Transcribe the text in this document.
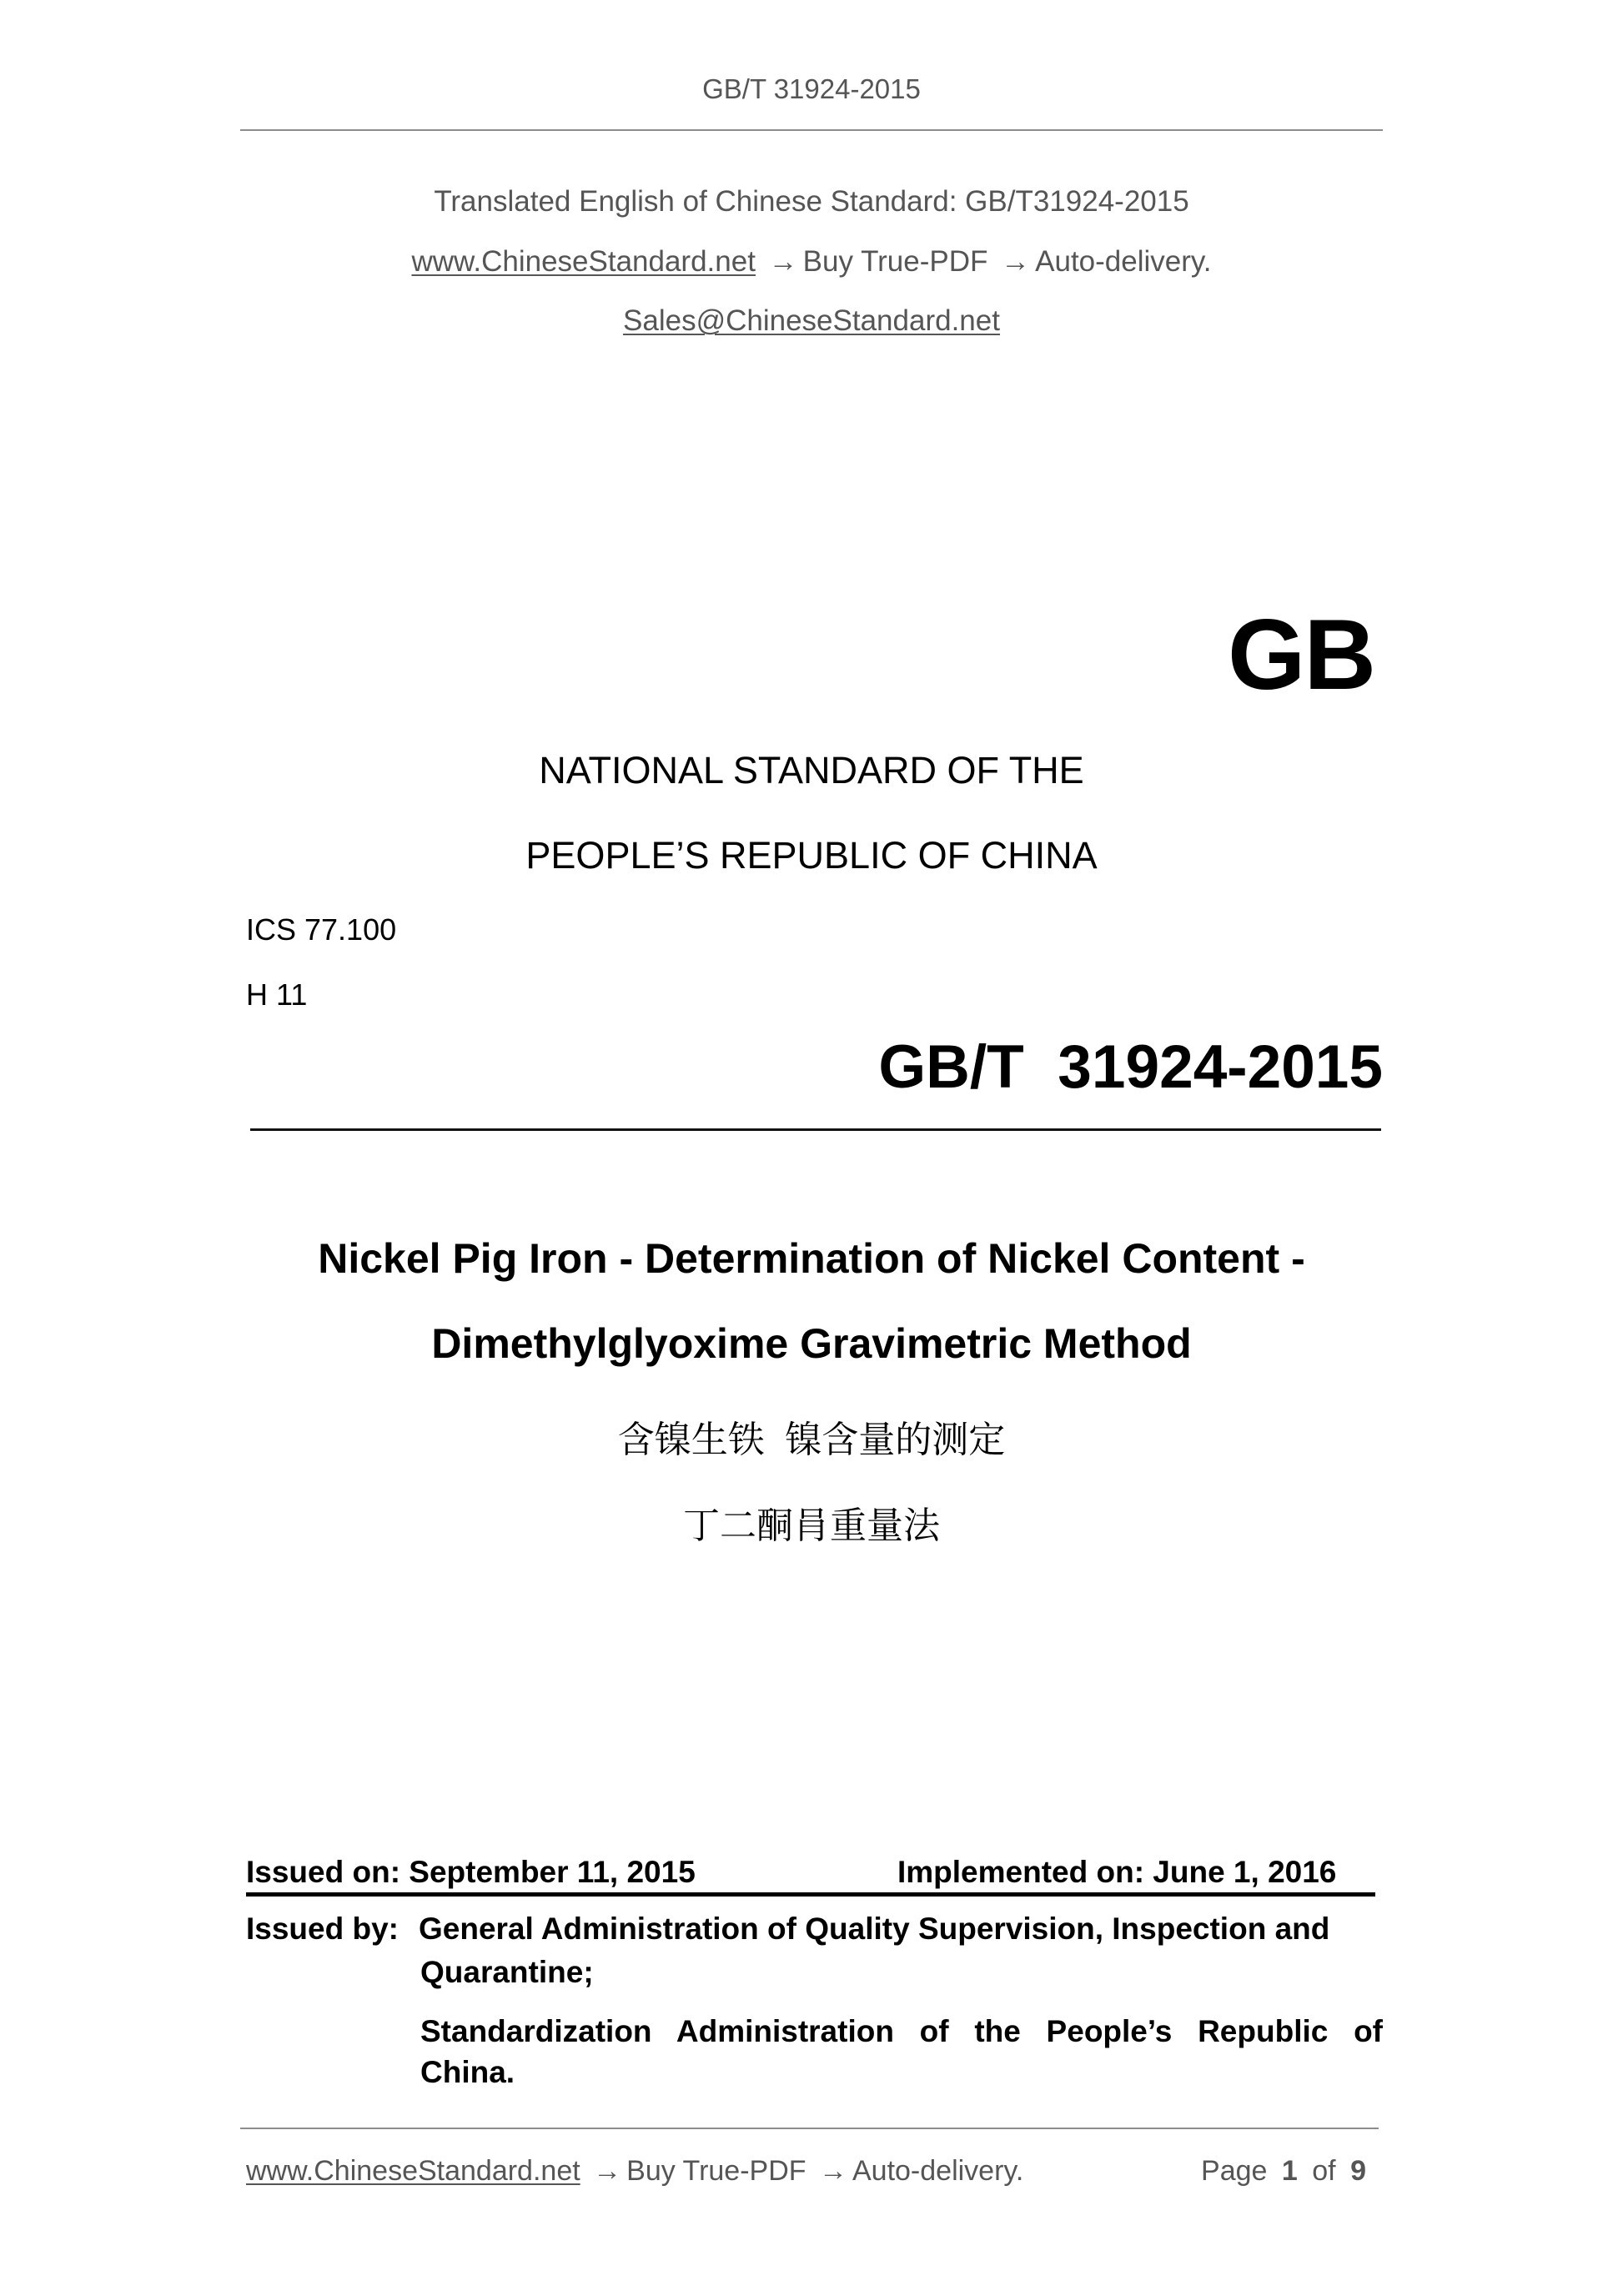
GB/T 31924-2015
Translated English of Chinese Standard: GB/T31924-2015
www.ChineseStandard.net → Buy True-PDF → Auto-delivery.
Sales@ChineseStandard.net
GB
NATIONAL STANDARD OF THE
PEOPLE’S REPUBLIC OF CHINA
ICS 77.100
H 11
GB/T  31924-2015
Nickel Pig Iron - Determination of Nickel Content -
Dimethylglyoxime Gravimetric Method
含镍生铁  镍含量的测定
丁二酮肙重量法
Issued on: September 11, 2015	Implemented on: June 1, 2016
Issued by: General Administration of Quality Supervision, Inspection and
Quarantine;
Standardization Administration of the People’s Republic of
China.
www.ChineseStandard.net → Buy True-PDF → Auto-delivery.	Page 1 of 9
